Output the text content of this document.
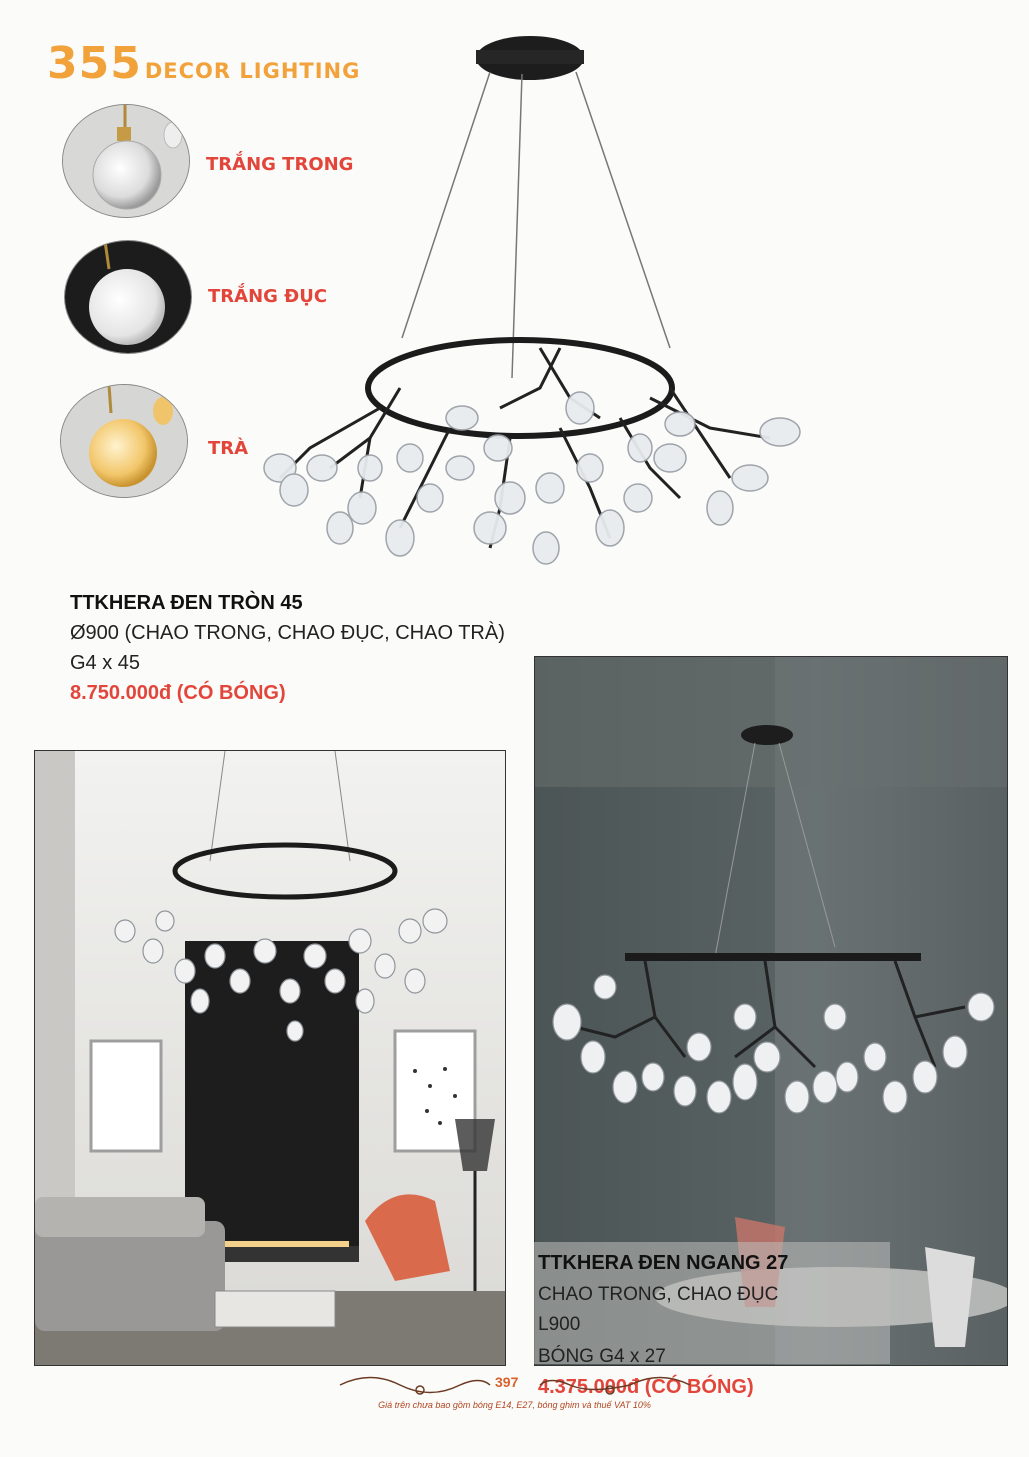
355 DECOR LIGHTING
TRẮNG TRONG
TRẮNG ĐỤC
TRÀ
TTKHERA ĐEN TRÒN 45
Ø900 (CHAO TRONG, CHAO ĐỤC, CHAO TRÀ)
G4 x 45
8.750.000đ (CÓ BÓNG)
TTKHERA ĐEN NGANG 27
CHAO TRONG, CHAO ĐỤC
L900
BÓNG G4 x 27
4.375.000đ (CÓ BÓNG)
397
Giá trên chưa bao gồm bóng E14, E27, bóng ghim và thuế VAT 10%
